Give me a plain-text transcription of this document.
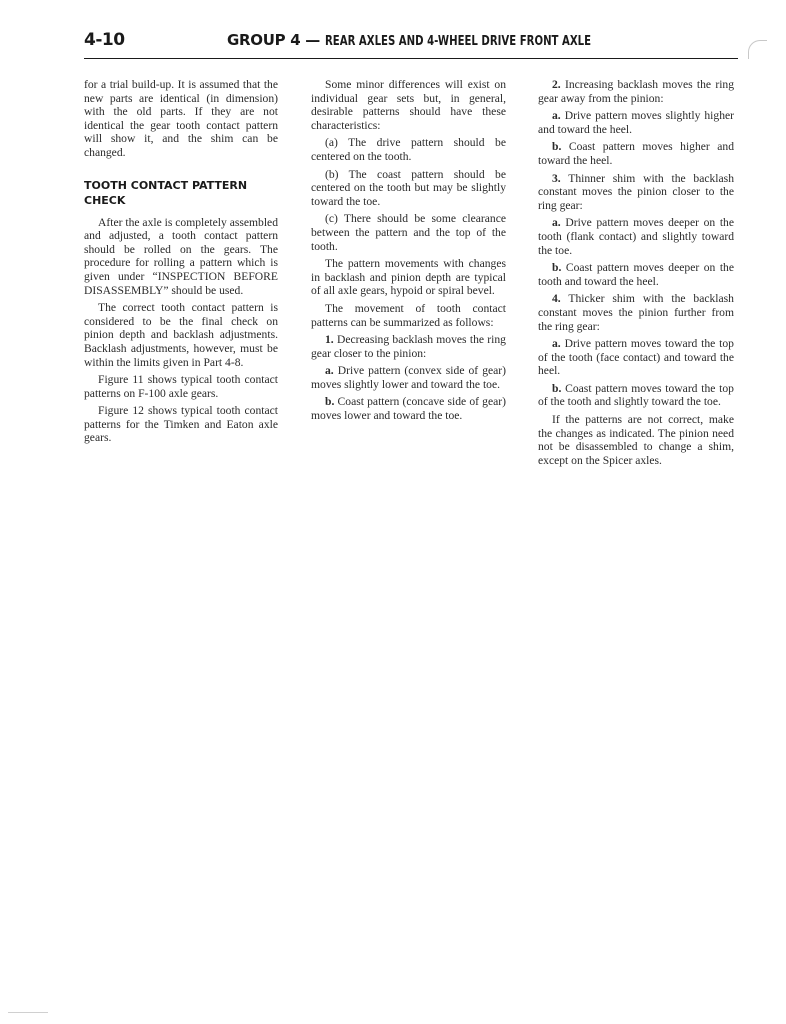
4-10	GROUP 4 — REAR AXLES AND 4-WHEEL DRIVE FRONT AXLE

for a trial build-up. It is assumed that the new parts are identical (in dimension) with the old parts. If they are not identical the gear tooth contact pattern will show it, and the shim can be changed.

TOOTH CONTACT PATTERN CHECK

After the axle is completely assembled and adjusted, a tooth contact pattern should be rolled on the gears. The procedure for rolling a pattern which is given under “INSPECTION BEFORE DISASSEMBLY” should be used.

The correct tooth contact pattern is considered to be the final check on pinion depth and backlash adjustments. Backlash adjustments, however, must be within the limits given in Part 4-8.

Figure 11 shows typical tooth contact patterns on F-100 axle gears.

Figure 12 shows typical tooth contact patterns for the Timken and Eaton axle gears.

Some minor differences will exist on individual gear sets but, in general, desirable patterns should have these characteristics:

(a) The drive pattern should be centered on the tooth.

(b) The coast pattern should be centered on the tooth but may be slightly toward the toe.

(c) There should be some clearance between the pattern and the top of the tooth.

The pattern movements with changes in backlash and pinion depth are typical of all axle gears, hypoid or spiral bevel.

The movement of tooth contact patterns can be summarized as follows:

1. Decreasing backlash moves the ring gear closer to the pinion:

a. Drive pattern (convex side of gear) moves slightly lower and toward the toe.

b. Coast pattern (concave side of gear) moves lower and toward the toe.

2. Increasing backlash moves the ring gear away from the pinion:

a. Drive pattern moves slightly higher and toward the heel.

b. Coast pattern moves higher and toward the heel.

3. Thinner shim with the backlash constant moves the pinion closer to the ring gear:

a. Drive pattern moves deeper on the tooth (flank contact) and slightly toward the toe.

b. Coast pattern moves deeper on the tooth and toward the heel.

4. Thicker shim with the backlash constant moves the pinion further from the ring gear:

a. Drive pattern moves toward the top of the tooth (face contact) and toward the heel.

b. Coast pattern moves toward the top of the tooth and slightly toward the toe.

If the patterns are not correct, make the changes as indicated. The pinion need not be disassembled to change a shim, except on the Spicer axles.
